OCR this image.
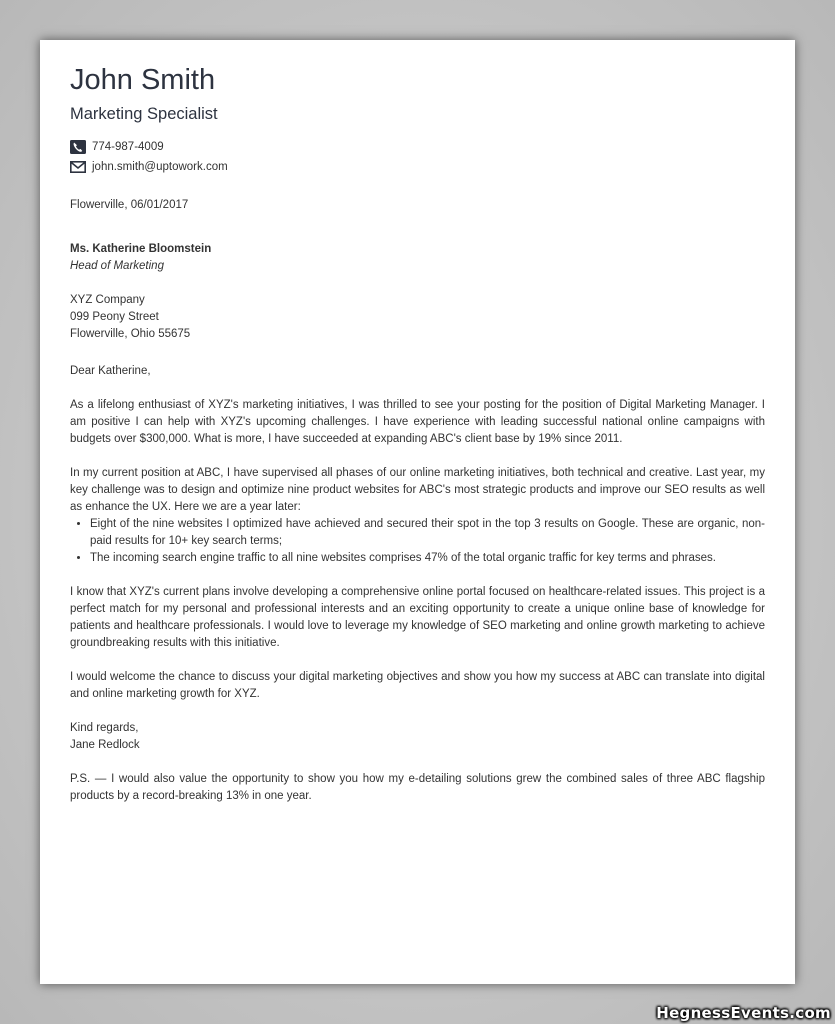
John Smith
Marketing Specialist
774-987-4009
john.smith@uptowork.com
Flowerville, 06/01/2017
Ms. Katherine Bloomstein
Head of Marketing
XYZ Company
099 Peony Street
Flowerville, Ohio 55675
Dear Katherine,
As a lifelong enthusiast of XYZ's marketing initiatives, I was thrilled to see your posting for the position of Digital Marketing Manager. I am positive I can help with XYZ's upcoming challenges. I have experience with leading successful national online campaigns with budgets over $300,000. What is more, I have succeeded at expanding ABC's client base by 19% since 2011.
In my current position at ABC, I have supervised all phases of our online marketing initiatives, both technical and creative. Last year, my key challenge was to design and optimize nine product websites for ABC's most strategic products and improve our SEO results as well as enhance the UX. Here we are a year later:
• Eight of the nine websites I optimized have achieved and secured their spot in the top 3 results on Google. These are organic, non-paid results for 10+ key search terms;
• The incoming search engine traffic to all nine websites comprises 47% of the total organic traffic for key terms and phrases.
I know that XYZ's current plans involve developing a comprehensive online portal focused on healthcare-related issues. This project is a perfect match for my personal and professional interests and an exciting opportunity to create a unique online base of knowledge for patients and healthcare professionals. I would love to leverage my knowledge of SEO marketing and online growth marketing to achieve groundbreaking results with this initiative.
I would welcome the chance to discuss your digital marketing objectives and show you how my success at ABC can translate into digital and online marketing growth for XYZ.
Kind regards,
Jane Redlock
P.S. — I would also value the opportunity to show you how my e-detailing solutions grew the combined sales of three ABC flagship products by a record-breaking 13% in one year.
HegnessEvents.com
